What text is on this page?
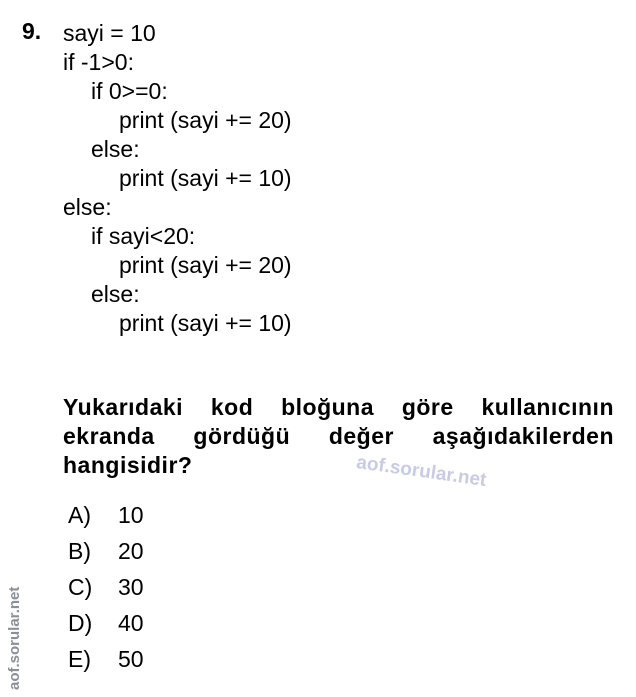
9. sayi = 10
if -1>0:
if 0>=0:
print (sayi += 20)
else:
print (sayi += 10)
else:
if sayi<20:
print (sayi += 20)
else:
print (sayi += 10)
Yukarıdaki kod bloğuna göre kullanıcının ekranda gördüğü değer aşağıdakilerden hangisidir?	aof.sorular.net
A) 10
B) 20
C) 30
D) 40
E) 50
aof.sorular.net
